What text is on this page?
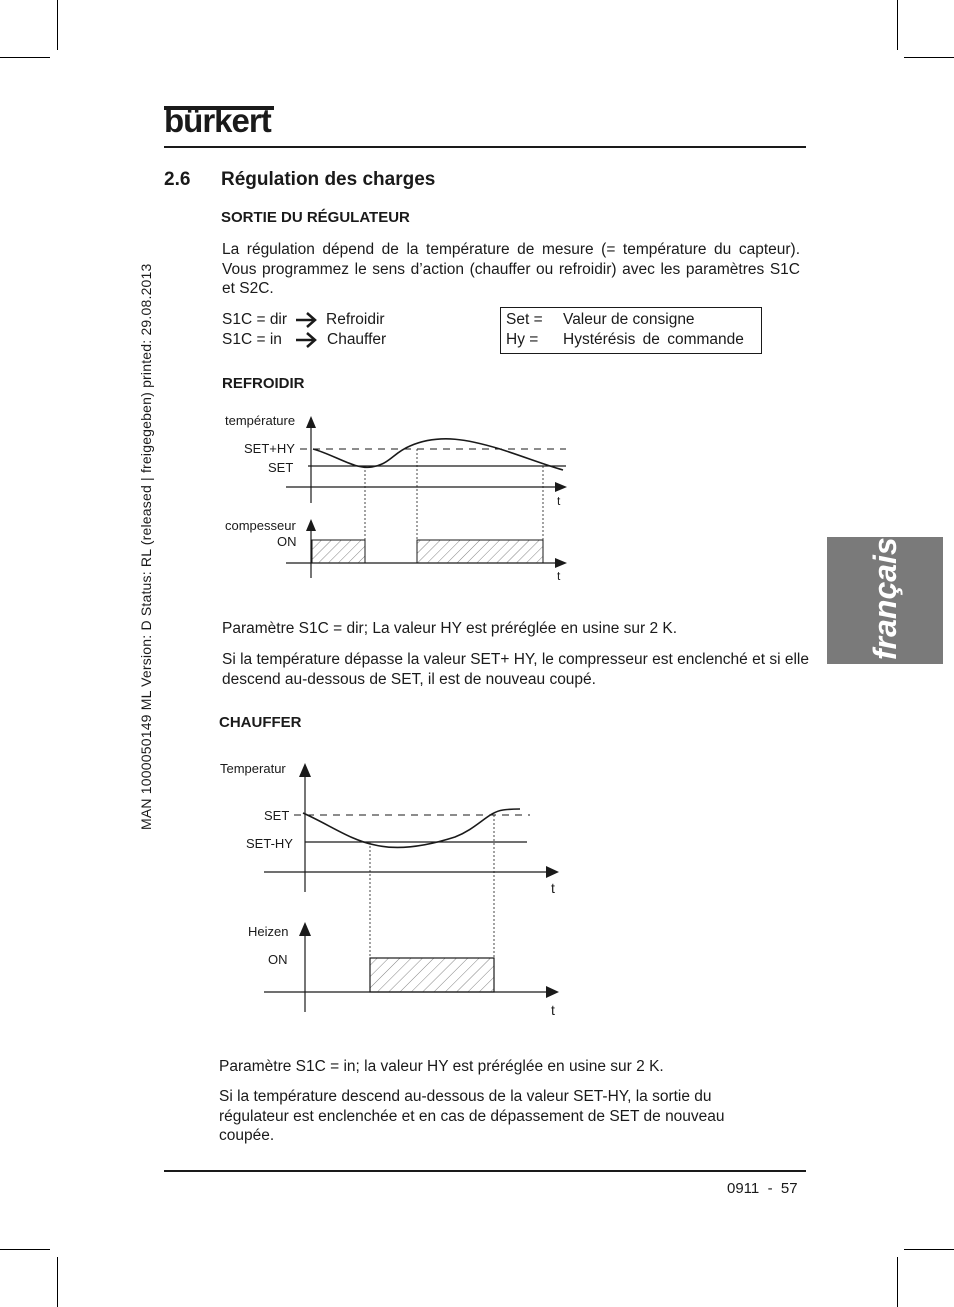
bürkert
2.6 Régulation des charges
SORTIE DU RÉGULATEUR
La régulation dépend de la température de mesure (= température du capteur). Vous programmez le sens d’action (chauffer ou refroidir) avec les paramètres S1C et S2C.
S1C = dir	Refroidir
S1C = in	Chauffer
Set = Valeur de consigne
Hy = Hystérésis de commande
REFROIDIR
température
SET+HY
SET
t
compesseur
ON
t
Paramètre S1C = dir; La valeur HY est préréglée en usine sur 2 K.
Si la température dépasse la valeur SET+ HY, le compresseur est enclenché et si elle descend au-dessous de SET, il est de nouveau coupé.
CHAUFFER
Temperatur
SET
SET-HY
t
Heizen
ON
t
Paramètre S1C = in; la valeur HY est préréglée en usine sur 2 K.
Si la température descend au-dessous de la valeur SET-HY, la sortie du régulateur est enclenchée et en cas de dépassement de SET de nouveau coupée.
MAN 1000050149 ML Version: D Status: RL (released | freigegeben) printed: 29.08.2013	français
0911  -  57
